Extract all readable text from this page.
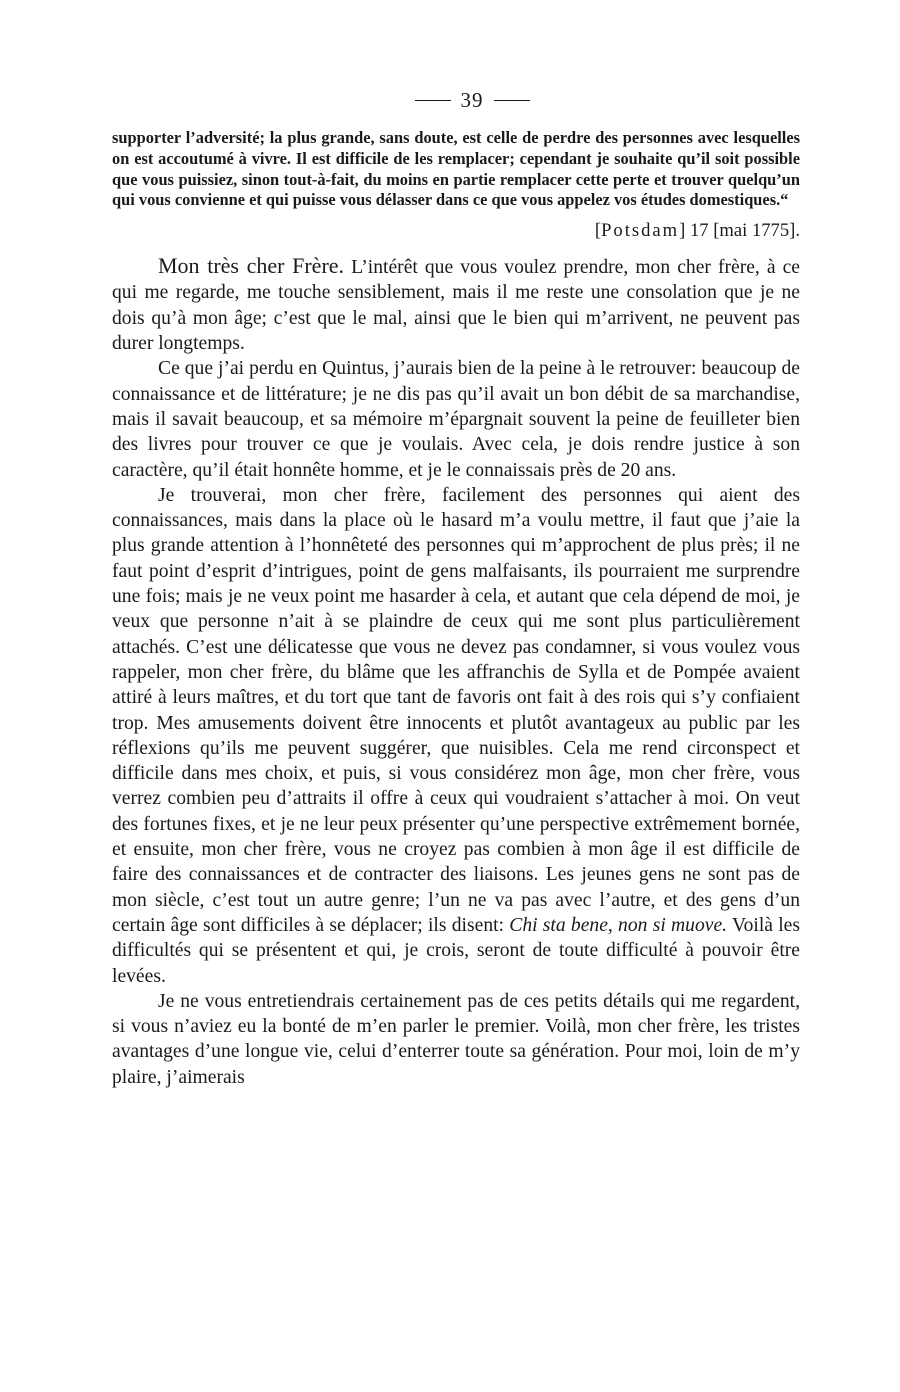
39

supporter l’adversité; la plus grande, sans doute, est celle de perdre des personnes avec lesquelles on est accoutumé à vivre. Il est difficile de les remplacer; cependant je souhaite qu’il soit possible que vous puissiez, sinon tout-à-fait, du moins en partie remplacer cette perte et trouver quelqu’un qui vous convienne et qui puisse vous délasser dans ce que vous appelez vos études domestiques.“

[Potsdam] 17 [mai 1775].

Mon très cher Frère. L’intérêt que vous voulez prendre, mon cher frère, à ce qui me regarde, me touche sensiblement, mais il me reste une consolation que je ne dois qu’à mon âge; c’est que le mal, ainsi que le bien qui m’arrivent, ne peuvent pas durer longtemps.

Ce que j’ai perdu en Quintus, j’aurais bien de la peine à le retrouver: beaucoup de connaissance et de littérature; je ne dis pas qu’il avait un bon débit de sa marchandise, mais il savait beaucoup, et sa mémoire m’épargnait souvent la peine de feuilleter bien des livres pour trouver ce que je voulais. Avec cela, je dois rendre justice à son caractère, qu’il était honnête homme, et je le connaissais près de 20 ans.

Je trouverai, mon cher frère, facilement des personnes qui aient des connaissances, mais dans la place où le hasard m’a voulu mettre, il faut que j’aie la plus grande attention à l’honnêteté des personnes qui m’approchent de plus près; il ne faut point d’esprit d’intrigues, point de gens malfaisants, ils pourraient me surprendre une fois; mais je ne veux point me hasarder à cela, et autant que cela dépend de moi, je veux que personne n’ait à se plaindre de ceux qui me sont plus particulièrement attachés. C’est une délicatesse que vous ne devez pas condamner, si vous voulez vous rappeler, mon cher frère, du blâme que les affranchis de Sylla et de Pompée avaient attiré à leurs maîtres, et du tort que tant de favoris ont fait à des rois qui s’y confiaient trop. Mes amusements doivent être innocents et plutôt avantageux au public par les réflexions qu’ils me peuvent suggérer, que nuisibles. Cela me rend circonspect et difficile dans mes choix, et puis, si vous considérez mon âge, mon cher frère, vous verrez combien peu d’attraits il offre à ceux qui voudraient s’attacher à moi. On veut des fortunes fixes, et je ne leur peux présenter qu’une perspective extrêmement bornée, et ensuite, mon cher frère, vous ne croyez pas combien à mon âge il est difficile de faire des connaissances et de contracter des liaisons. Les jeunes gens ne sont pas de mon siècle, c’est tout un autre genre; l’un ne va pas avec l’autre, et des gens d’un certain âge sont difficiles à se déplacer; ils disent: Chi sta bene, non si muove. Voilà les difficultés qui se présentent et qui, je crois, seront de toute difficulté à pouvoir être levées.

Je ne vous entretiendrais certainement pas de ces petits détails qui me regardent, si vous n’aviez eu la bonté de m’en parler le premier. Voilà, mon cher frère, les tristes avantages d’une longue vie, celui d’enterrer toute sa génération. Pour moi, loin de m’y plaire, j’aimerais
